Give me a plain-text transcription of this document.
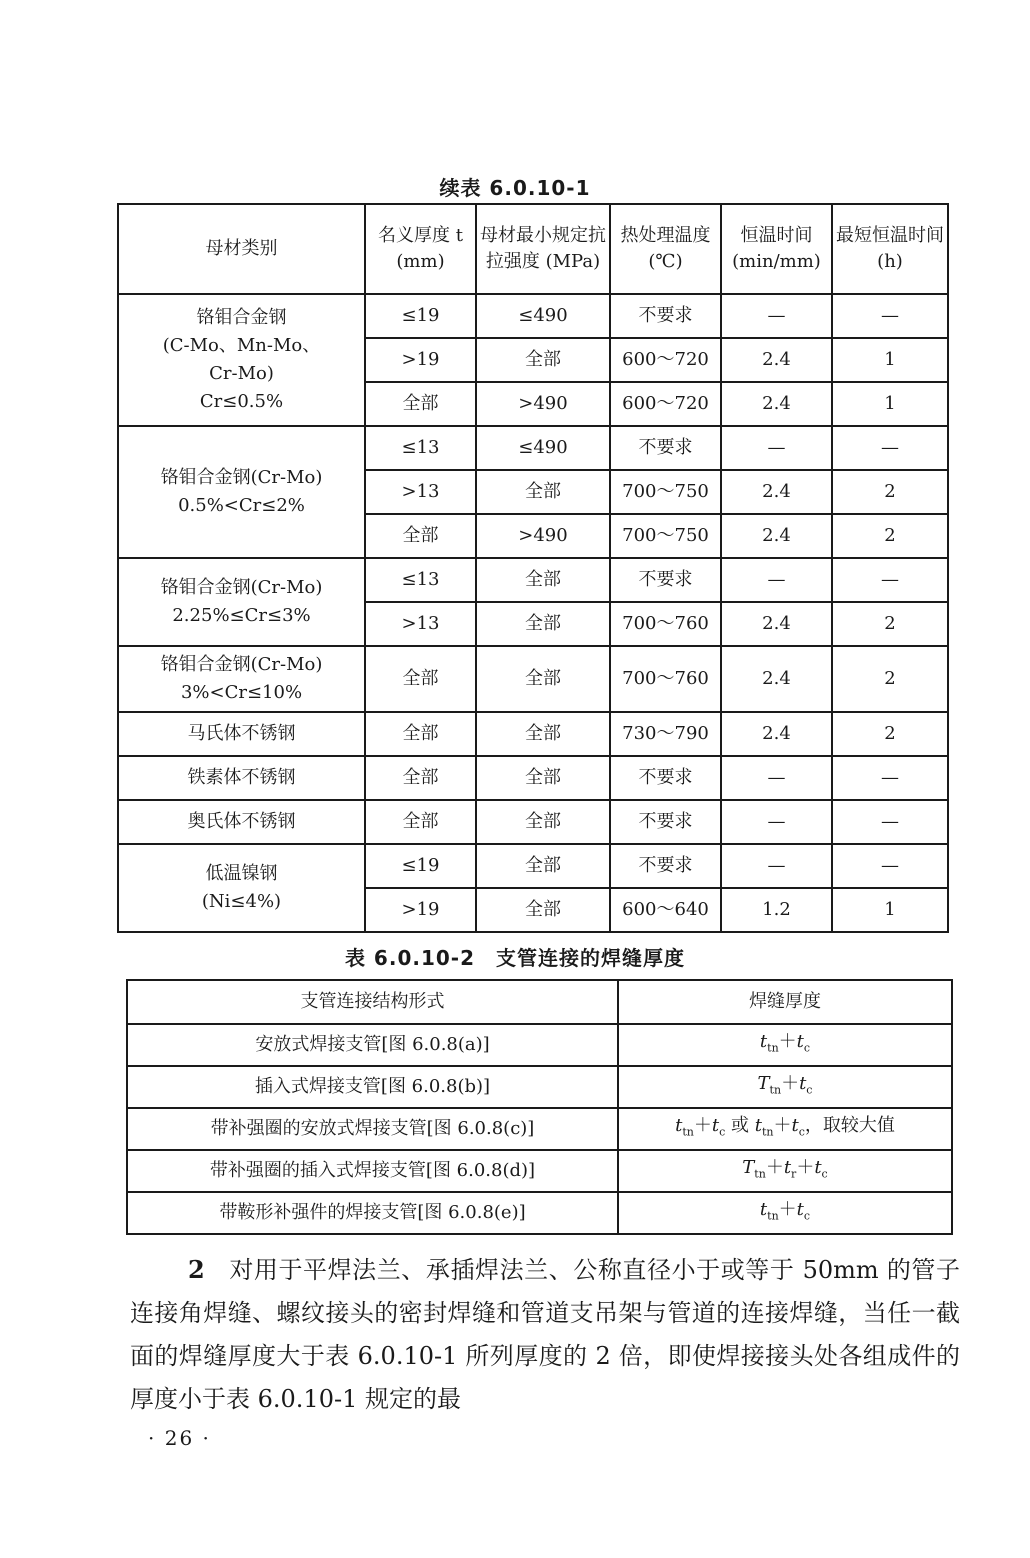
续表 6.0.10-1
母材类别	名义厚度 t (mm)	母材最小规定抗拉强度 (MPa)	热处理温度 (℃)	恒温时间 (min/mm)	最短恒温时间 (h)
铬钼合金钢
(C-Mo、Mn-Mo、
Cr-Mo)
Cr≤0.5%	≤19	≤490	不要求	—	—
	>19	全部	600～720	2.4	1
	全部	>490	600～720	2.4	1
铬钼合金钢(Cr-Mo)
0.5%<Cr≤2%	≤13	≤490	不要求	—	—
	>13	全部	700～750	2.4	2
	全部	>490	700～750	2.4	2
铬钼合金钢(Cr-Mo)
2.25%≤Cr≤3%	≤13	全部	不要求	—	—
	>13	全部	700～760	2.4	2
铬钼合金钢(Cr-Mo)
3%<Cr≤10%	全部	全部	700～760	2.4	2
马氏体不锈钢	全部	全部	730～790	2.4	2
铁素体不锈钢	全部	全部	不要求	—	—
奥氏体不锈钢	全部	全部	不要求	—	—
低温镍钢
(Ni≤4%)	≤19	全部	不要求	—	—
	>19	全部	600～640	1.2	1
表 6.0.10-2　支管连接的焊缝厚度
支管连接结构形式	焊缝厚度
安放式焊接支管[图 6.0.8(a)]	$t_{tn}+t_c$
插入式焊接支管[图 6.0.8(b)]	$T_{tn}+t_c$
带补强圈的安放式焊接支管[图 6.0.8(c)]	$t_{tn}+t_c$ 或 $t_{tn}+t_c$，取较大值
带补强圈的插入式焊接支管[图 6.0.8(d)]	$T_{tn}+t_r+t_c$
带鞍形补强件的焊接支管[图 6.0.8(e)]	$t_{tn}+t_c$
2 对用于平焊法兰、承插焊法兰、公称直径小于或等于 50mm 的管子连接角焊缝、螺纹接头的密封焊缝和管道支吊架与管道的连接焊缝，当任一截面的焊缝厚度大于表 6.0.10-1 所列厚度的 2 倍，即使焊接接头处各组成件的厚度小于表 6.0.10-1 规定的最
· 26 ·
